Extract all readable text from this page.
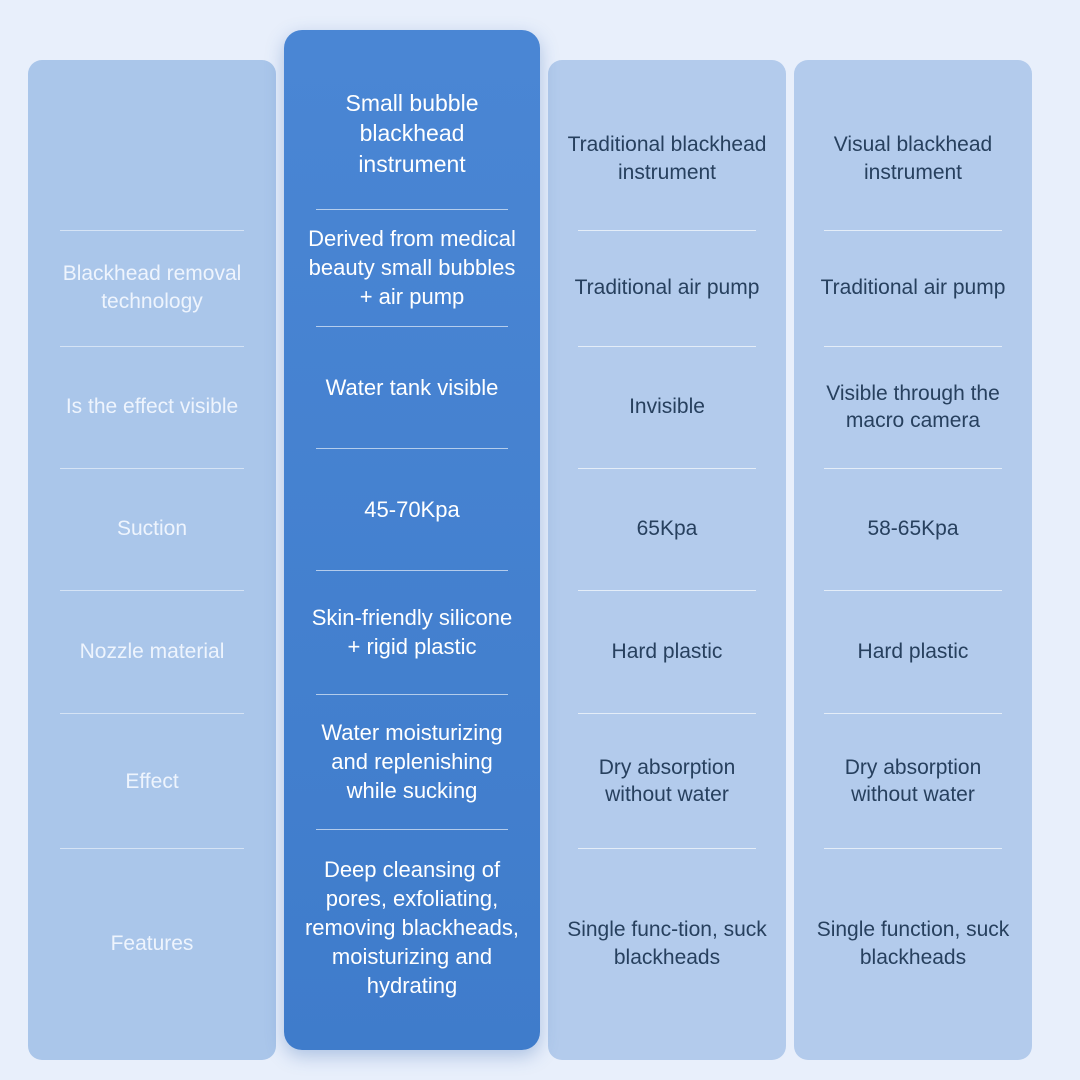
Blackhead removal technology
Is the effect visible
Suction
Nozzle material
Effect
Features
Small bubble blackhead instrument
Derived from medical beauty small bubbles + air pump
Water tank visible
45-70Kpa
Skin-friendly silicone + rigid plastic
Water moisturizing and replenishing while sucking
Deep cleansing of pores, exfoliating, removing blackheads, moisturizing and hydrating
Traditional blackhead instrument
Traditional air pump
Invisible
65Kpa
Hard plastic
Dry absorption without water
Single func-tion, suck blackheads
Visual blackhead instrument
Traditional air pump
Visible through the macro camera
58-65Kpa
Hard plastic
Dry absorption without water
Single function, suck blackheads
